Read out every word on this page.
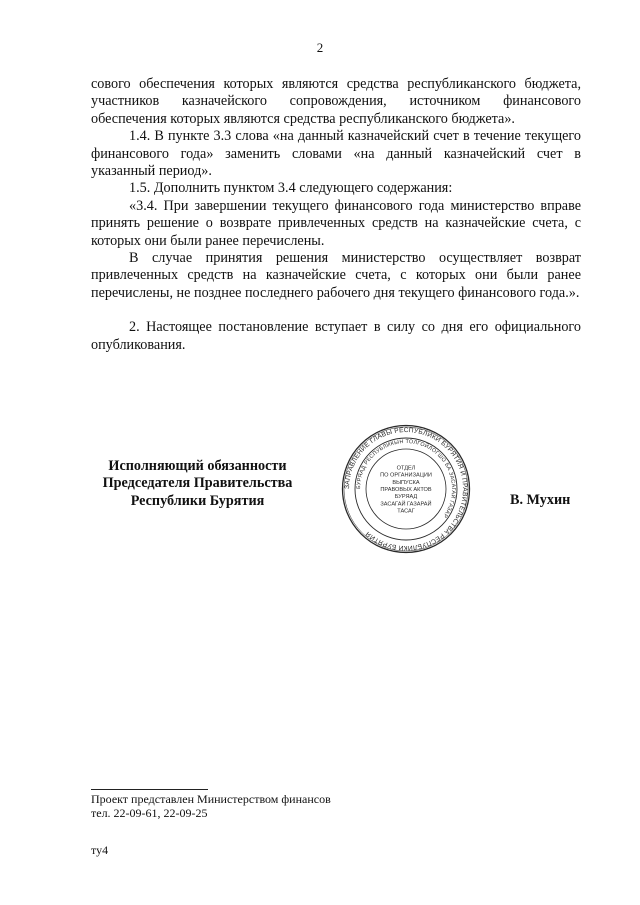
2

сового обеспечения которых являются средства республиканского бюджета, участников казначейского сопровождения, источником финансового обеспечения которых являются средства республиканского бюджета».

1.4. В пункте 3.3 слова «на данный казначейский счет в течение текущего финансового года» заменить словами «на данный казначейский счет в указанный период».

1.5. Дополнить пунктом 3.4 следующего содержания:

«3.4. При завершении текущего финансового года министерство вправе принять решение о возврате привлеченных средств на казначейские счета, с которых они были ранее перечислены.

В случае принятия решения министерство осуществляет возврат привлеченных средств на казначейские счета, с которых они были ранее перечислены, не позднее последнего рабочего дня текущего финансового года.».

2. Настоящее постановление вступает в силу со дня его официального опубликования.

Исполняющий обязанности
Председателя Правительства
Республики Бурятия
ЗАПРАВЛЕНИЕ ГЛАВЫ РЕСПУБЛИКИ БУРЯТИЯ И ПРАВИТЕЛЬСТВА РЕСПУБЛИКИ БУРЯТИЯ
БУРЯАД РЕСПУБЛИКЫН ТОЛГОЙЛОГШО БА ЗАСАГАЙ ГАЗАР
ОТДЕЛ
ПО ОРГАНИЗАЦИИ
ВЫПУСКА
ПРАВОВЫХ АКТОВ
БУРЯАД
ЗАСАГАЙ ГАЗАРАЙ
ТАСАГ
В. Мухин
Проект представлен Министерством финансов
тел. 22-09-61, 22-09-25
ту4
